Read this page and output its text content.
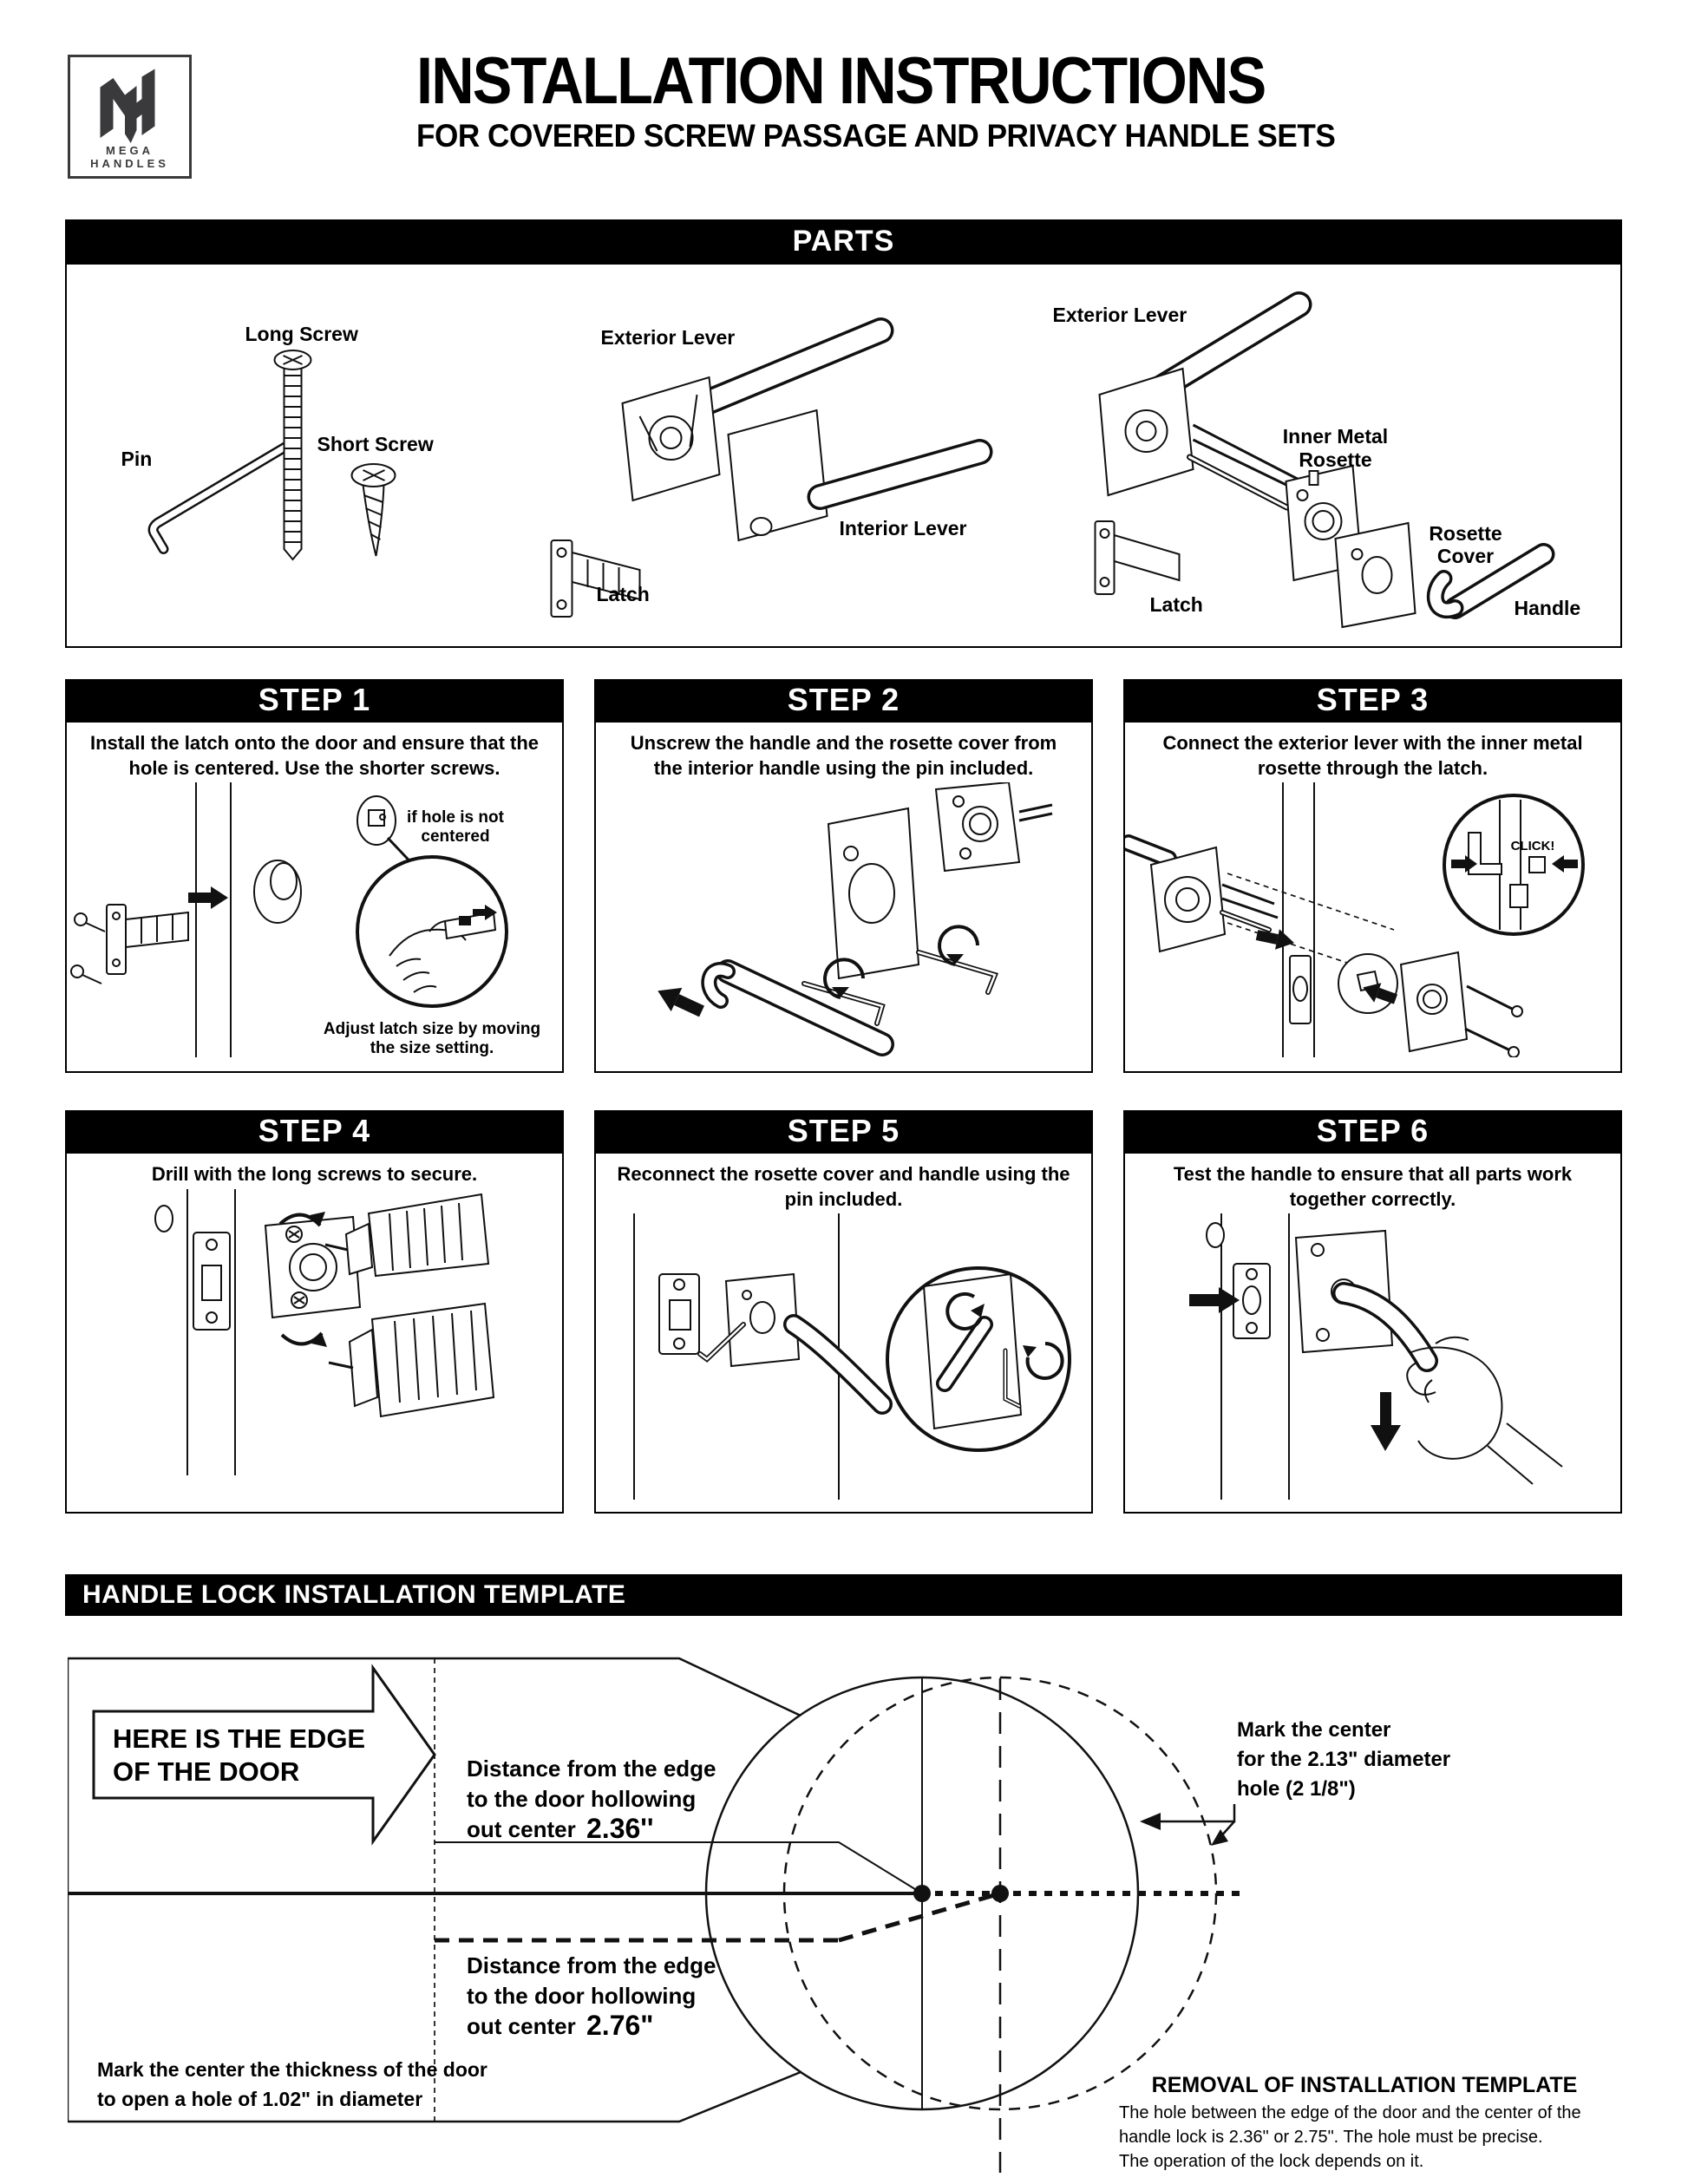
MEGA HANDLES
INSTALLATION INSTRUCTIONS
FOR COVERED SCREW PASSAGE AND PRIVACY HANDLE SETS
PARTS
Pin
Long Screw
Short Screw
Exterior Lever
Interior Lever
Latch
Exterior Lever
Inner Metal
Rosette
Rosette
Cover
Latch	Handle
STEP 1

Install the latch onto the door and ensure that the hole is centered. Use the shorter screws.

if hole is not
centered
Adjust latch size by moving
the size setting.
STEP 2

Unscrew the handle and the rosette cover from the interior handle using the pin included.

STEP 3

Connect the exterior lever with the inner metal rosette through the latch.

CLICK!
STEP 4

Drill with the long screws to secure.

STEP 5

Reconnect the rosette cover and handle using the pin included.

STEP 6

Test the handle to ensure that all parts work together correctly.

HANDLE LOCK INSTALLATION TEMPLATE
HERE IS THE EDGE
OF THE DOOR	Distance from the edge
to the door hollowing
out center 2.36''
Distance from the edge
to the door hollowing
out center 2.76"
Mark the center
for the 2.13" diameter
hole (2 1/8")
Mark the center the thickness of the door
to open a hole of 1.02" in diameter
REMOVAL OF INSTALLATION TEMPLATE
The hole between the edge of the door and the center of the
handle lock is 2.36" or 2.75". The hole must be precise.
The operation of the lock depends on it.
